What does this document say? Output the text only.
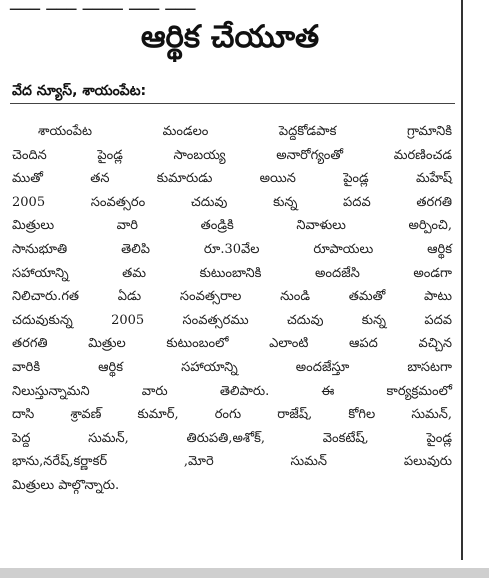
ఆర్థిక చేయూత
వేద న్యూస్, శాయంపేట:
శాయంపేట మండలం పెద్దకోడపాక గ్రామానికి
చెందిన పైండ్ల సాంబయ్య అనారోగ్యంతో మరణించడ
ముతో తన కుమారుడు అయిన పైండ్ల మహేష్
2005 సంవత్సరం చదువు కున్న పదవ తరగతి
మిత్రులు వారి తండ్రికి నివాళులు అర్పించి,
సానుభూతి తెలిపి రూ.30వేల రూపాయలు ఆర్థిక
సహాయాన్ని తమ కుటుంబానికి అందజేసి అండగా
నిలిచారు.గత ఏడు సంవత్సరాల నుండి తమతో పాటు
చదువుకున్న 2005 సంవత్సరము చదువు కున్న పదవ
తరగతి మిత్రుల కుటుంబంలో ఎలాంటి ఆపద వచ్చిన
వారికి ఆర్థిక సహాయాన్ని అందజేస్తూ బాసటగా
నిలుస్తున్నామని వారు తెలిపారు. ఈ కార్యక్రమంలో
దాసి శ్రావణ్ కుమార్, రంగు రాజేష్, కోగిల సుమన్,
పెద్ద సుమన్, తిరుపతి,అశోక్, వెంకటేష్, పైండ్ల
భాను,నరేష్,కర్ణాకర్ ,మోరె సుమన్ పలువురు
మిత్రులు పాల్గొన్నారు.
